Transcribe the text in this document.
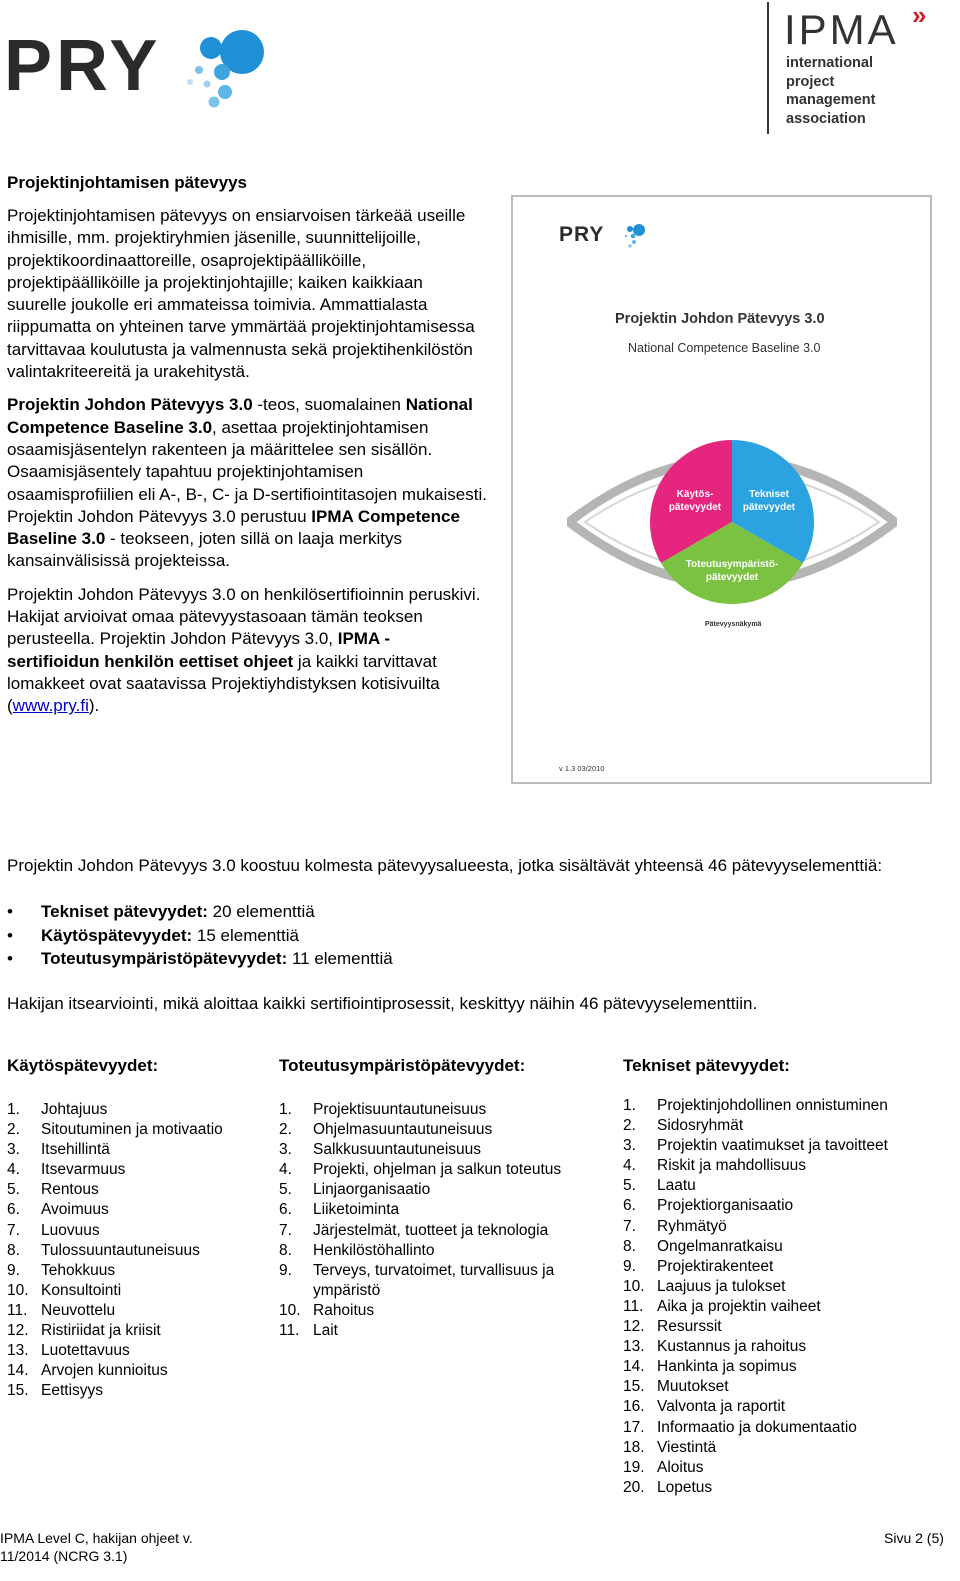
PRY	IPMA »
international
project
management
association
Projektinjohtamisen pätevyys

Projektinjohtamisen pätevyys on ensiarvoisen tärkeää useille ihmisille, mm. projektiryhmien jäsenille, suunnittelijoille, projektikoordinaattoreille, osaprojektipäälliköille, projektipäälliköille ja projektinjohtajille; kaiken kaikkiaan suurelle joukolle eri ammateissa toimivia. Ammattialasta riippumatta on yhteinen tarve ymmärtää projektinjohtamisessa tarvittavaa koulutusta ja valmennusta sekä projektihenkilöstön valintakriteereitä ja urakehitystä.

Projektin Johdon Pätevyys 3.0 -teos, suomalainen National Competence Baseline 3.0, asettaa projektinjohtamisen osaamisjäsentelyn rakenteen ja määrittelee sen sisällön. Osaamisjäsentely tapahtuu projektinjohtamisen osaamisprofiilien eli A-, B-, C- ja D-sertifiointitasojen mukaisesti. Projektin Johdon Pätevyys 3.0 perustuu IPMA Competence Baseline 3.0 - teokseen, joten sillä on laaja merkitys kansainvälisissä projekteissa.

Projektin Johdon Pätevyys 3.0 on henkilösertifioinnin peruskivi. Hakijat arvioivat omaa pätevyystasoaan tämän teoksen perusteella. Projektin Johdon Pätevyys 3.0, IPMA - sertifioidun henkilön eettiset ohjeet ja kaikki tarvittavat lomakkeet ovat saatavissa Projektiyhdistyksen kotisivuilta (www.pry.fi).

PRY
Projektin Johdon Pätevyys 3.0
National Competence Baseline 3.0
Käytös-
pätevyydet
Tekniset
pätevyydet
Toteutusympäristö-
pätevyydet
Pätevyysnäkymä
v 1.3 03/2010

Projektin Johdon Pätevyys 3.0 koostuu kolmesta pätevyysalueesta, jotka sisältävät yhteensä 46 pätevyyselementtiä:

• Tekniset pätevyydet: 20 elementtiä
• Käytöspätevyydet: 15 elementtiä
• Toteutusympäristöpätevyydet: 11 elementtiä

Hakijan itsearviointi, mikä aloittaa kaikki sertifiointiprosessit, keskittyy näihin 46 pätevyyselementtiin.

Käytöspätevyydet:
1.	Johtajuus
2.	Sitoutuminen ja motivaatio
3.	Itsehillintä
4.	Itsevarmuus
5.	Rentous
6.	Avoimuus
7.	Luovuus
8.	Tulossuuntautuneisuus
9.	Tehokkuus
10. Konsultointi
11. Neuvottelu
12. Ristiriidat ja kriisit
13. Luotettavuus
14. Arvojen kunnioitus
15. Eettisyys
Toteutusympäristöpätevyydet:
1.	Projektisuuntautuneisuus
2.	Ohjelmasuuntautuneisuus
3.	Salkkusuuntautuneisuus
4.	Projekti, ohjelman ja salkun toteutus
5.	Linjaorganisaatio
6.	Liiketoiminta
7.	Järjestelmät, tuotteet ja teknologia
8.	Henkilöstöhallinto
9.	Terveys, turvatoimet, turvallisuus ja ympäristö
10. Rahoitus
11. Lait
Tekniset pätevyydet:
1.	Projektinjohdollinen onnistuminen
2.	Sidosryhmät
3.	Projektin vaatimukset ja tavoitteet
4.	Riskit ja mahdollisuus
5.	Laatu
6.	Projektiorganisaatio
7.	Ryhmätyö
8.	Ongelmanratkaisu
9.	Projektirakenteet
10. Laajuus ja tulokset
11. Aika ja projektin vaiheet
12. Resurssit
13. Kustannus ja rahoitus
14. Hankinta ja sopimus
15. Muutokset
16. Valvonta ja raportit
17. Informaatio ja dokumentaatio
18. Viestintä
19. Aloitus
20. Lopetus
IPMA Level C, hakijan ohjeet v.
11/2014 (NCRG 3.1)
Sivu 2 (5)
